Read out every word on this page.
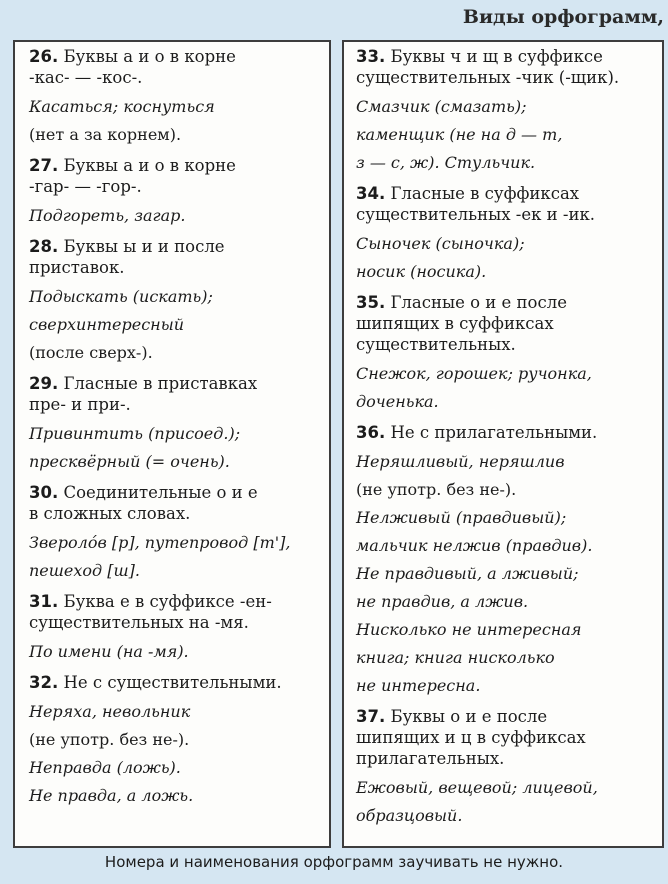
Виды орфограмм,
26. Буквы а и о в корне
-кас- — -кос-.
Касаться; коснуться
(нет а за корнем).
27. Буквы а и о в корне
-гар- — -гор-.
Подгореть, загар.
28. Буквы ы и и после
приставок.
Подыскать (искать);
сверхинтересный
(после сверх-).
29. Гласные в приставках
пре- и при-.
Привинтить (присоед.);
пресквёрный (= очень).
30. Соединительные о и е
в сложных словах.
Звероло́в [р], путепровод [т'],
пешеход [ш].
31. Буква е в суффиксе -ен-
существительных на -мя.
По имени (на -мя).
32. Не с существительными.
Неряха, невольник
(не употр. без не-).
Неправда (ложь).
Не правда, а ложь.
33. Буквы ч и щ в суффиксе
существительных -чик (-щик).
Смазчик (смазать);
каменщик (не на д — т,
з — с, ж). Стульчик.
34. Гласные в суффиксах
существительных -ек и -ик.
Сыночек (сыночка);
носик (носика).
35. Гласные о и е после
шипящих в суффиксах
существительных.
Снежок, горошек; ручонка,
доченька.
36. Не с прилагательными.
Неряшливый, неряшлив
(не употр. без не-).
Нелживый (правдивый);
мальчик нелжив (правдив).
Не правдивый, а лживый;
не правдив, а лжив.
Нисколько не интересная
книга; книга нисколько
не интересна.
37. Буквы о и е после
шипящих и ц в суффиксах
прилагательных.
Ежовый, вещевой; лицевой,
образцовый.
Номера и наименования орфограмм заучивать не нужно.
